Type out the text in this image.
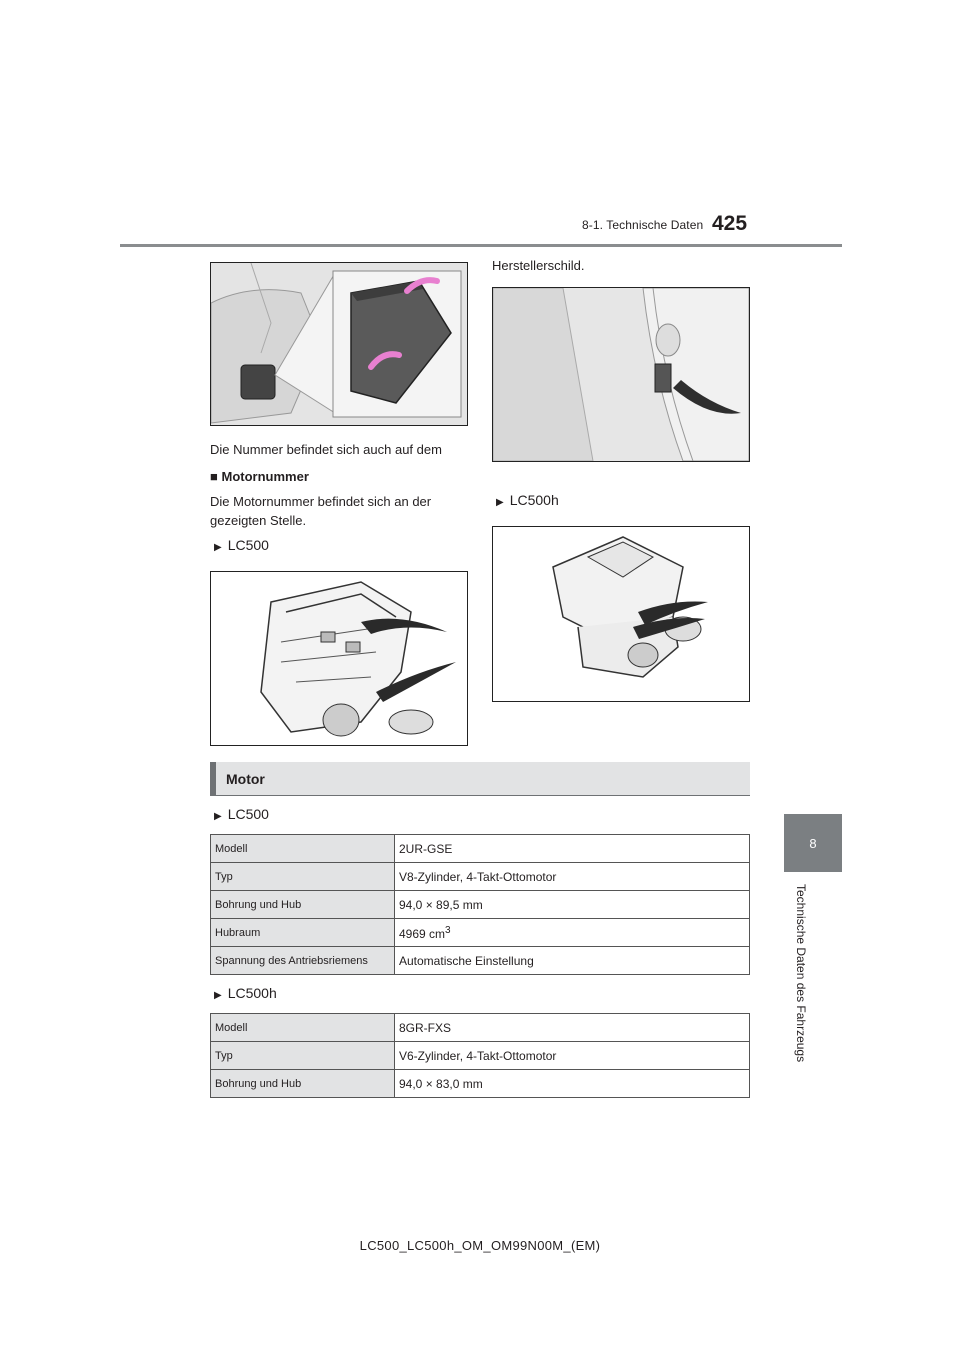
8-1. Technische Daten 425
8
Technische Daten des Fahrzeugs
Die Nummer befindet sich auch auf dem
■ Motornummer
Die Motornummer befindet sich an der gezeigten Stelle.
▶ LC500
Herstellerschild.
▶ LC500h
Motor
▶ LC500
Modell	2UR-GSE
Typ	V8-Zylinder, 4-Takt-Ottomotor
Bohrung und Hub	94,0 × 89,5 mm
Hubraum	4969 $cm^3$
Spannung des Antriebsriemens	Automatische Einstellung
▶ LC500h
Modell	8GR-FXS
Typ	V6-Zylinder, 4-Takt-Ottomotor
Bohrung und Hub	94,0 × 83,0 mm
LC500_LC500h_OM_OM99N00M_(EM)
